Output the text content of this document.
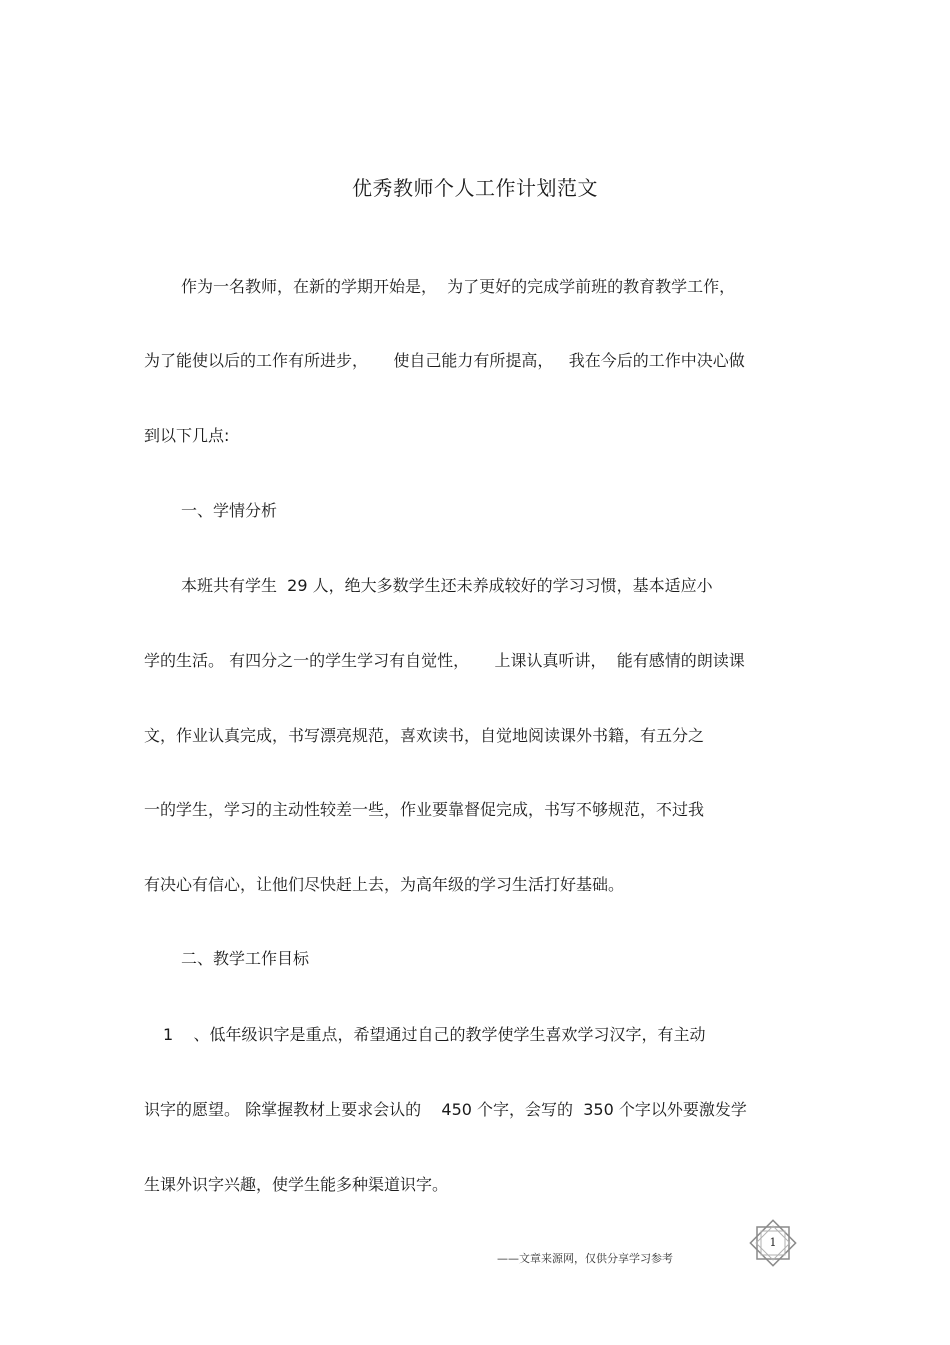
优秀教师个人工作计划范文
作为一名教师，在新的学期开始是，  为了更好的完成学前班的教育教学工作，
为了能使以后的工作有所进步，     使自己能力有所提高，   我在今后的工作中决心做
到以下几点:
一、学情分析
本班共有学生  29 人，绝大多数学生还未养成较好的学习习惯，基本适应小
学的生活。 有四分之一的学生学习有自觉性，     上课认真听讲，  能有感情的朗读课
文，作业认真完成，书写漂亮规范，喜欢读书，自觉地阅读课外书籍，有五分之
一的学生，学习的主动性较差一些，作业要靠督促完成，书写不够规范，不过我
有决心有信心，让他们尽快赶上去，为高年级的学习生活打好基础。
二、教学工作目标
1    、低年级识字是重点，希望通过自己的教学使学生喜欢学习汉字，有主动
识字的愿望。 除掌握教材上要求会认的    450 个字，会写的  350 个字以外要激发学
生课外识字兴趣，使学生能多种渠道识字。
——文章来源网，仅供分享学习参考
1
